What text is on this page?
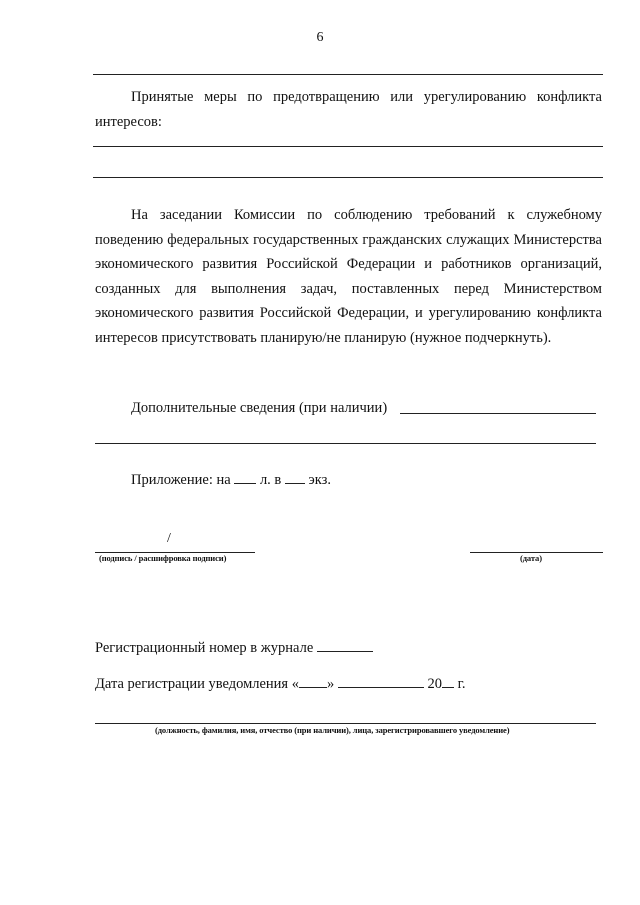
6
Принятые меры по предотвращению или урегулированию конфликта интересов:
На заседании Комиссии по соблюдению требований к служебному поведению федеральных государственных гражданских служащих Министерства экономического развития Российской Федерации и работников организаций, созданных для выполнения задач, поставленных перед Министерством экономического развития Российской Федерации, и урегулированию конфликта интересов присутствовать планирую/не планирую (нужное подчеркнуть).
Дополнительные сведения (при наличии)
Приложение: на л. в экз.
/
(подпись / расшифровка подписи)	(дата)
Регистрационный номер в журнале
Дата регистрации уведомления « »	20 г.
(должность, фамилия, имя, отчество (при наличии), лица, зарегистрировавшего уведомление)
